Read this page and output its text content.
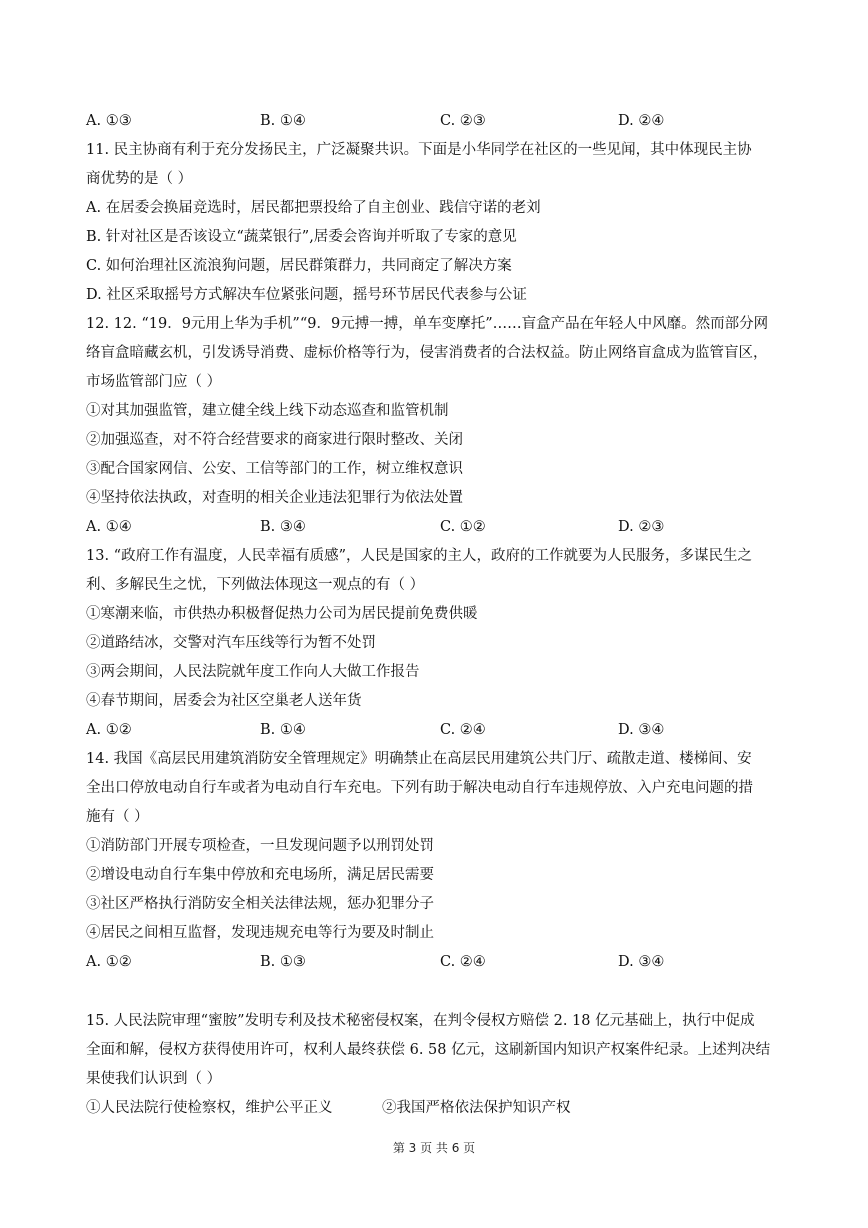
A. ①③	B. ①④	C. ②③	D. ②④
11. 民主协商有利于充分发扬民主，广泛凝聚共识。下面是小华同学在社区的一些见闻，其中体现民主协
商优势的是（ ）
A. 在居委会换届竞选时，居民都把票投给了自主创业、践信守诺的老刘
B. 针对社区是否该设立“蔬菜银行”,居委会咨询并听取了专家的意见
C. 如何治理社区流浪狗问题，居民群策群力，共同商定了解决方案
D. 社区采取摇号方式解决车位紧张问题，摇号环节居民代表参与公证
12. 12. “19．9元用上华为手机”“9．9元搏一搏，单车变摩托”……盲盒产品在年轻人中风靡。然而部分网
络盲盒暗藏玄机，引发诱导消费、虚标价格等行为，侵害消费者的合法权益。防止网络盲盒成为监管盲区，
市场监管部门应（ ）
①对其加强监管，建立健全线上线下动态巡查和监管机制
②加强巡查，对不符合经营要求的商家进行限时整改、关闭
③配合国家网信、公安、工信等部门的工作，树立维权意识
④坚持依法执政，对查明的相关企业违法犯罪行为依法处置
A. ①④	B. ③④	C. ①②	D. ②③
13. “政府工作有温度，人民幸福有质感”，人民是国家的主人，政府的工作就要为人民服务，多谋民生之
利、多解民生之忧，下列做法体现这一观点的有（ ）
①寒潮来临，市供热办积极督促热力公司为居民提前免费供暖
②道路结冰，交警对汽车压线等行为暂不处罚
③两会期间，人民法院就年度工作向人大做工作报告
④春节期间，居委会为社区空巢老人送年货
A. ①②	B. ①④	C. ②④	D. ③④
14. 我国《高层民用建筑消防安全管理规定》明确禁止在高层民用建筑公共门厅、疏散走道、楼梯间、安
全出口停放电动自行车或者为电动自行车充电。下列有助于解决电动自行车违规停放、入户充电问题的措
施有（ ）
①消防部门开展专项检查，一旦发现问题予以刑罚处罚
②增设电动自行车集中停放和充电场所，满足居民需要
③社区严格执行消防安全相关法律法规，惩办犯罪分子
④居民之间相互监督，发现违规充电等行为要及时制止
A. ①②	B. ①③	C. ②④	D. ③④
15. 人民法院审理“蜜胺”发明专利及技术秘密侵权案，在判令侵权方赔偿 2. 18 亿元基础上，执行中促成
全面和解，侵权方获得使用许可，权利人最终获偿 6. 58 亿元，这刷新国内知识产权案件纪录。上述判决结
果使我们认识到（ ）
①人民法院行使检察权，维护公平正义	②我国严格依法保护知识产权
第 3 页 共 6 页
